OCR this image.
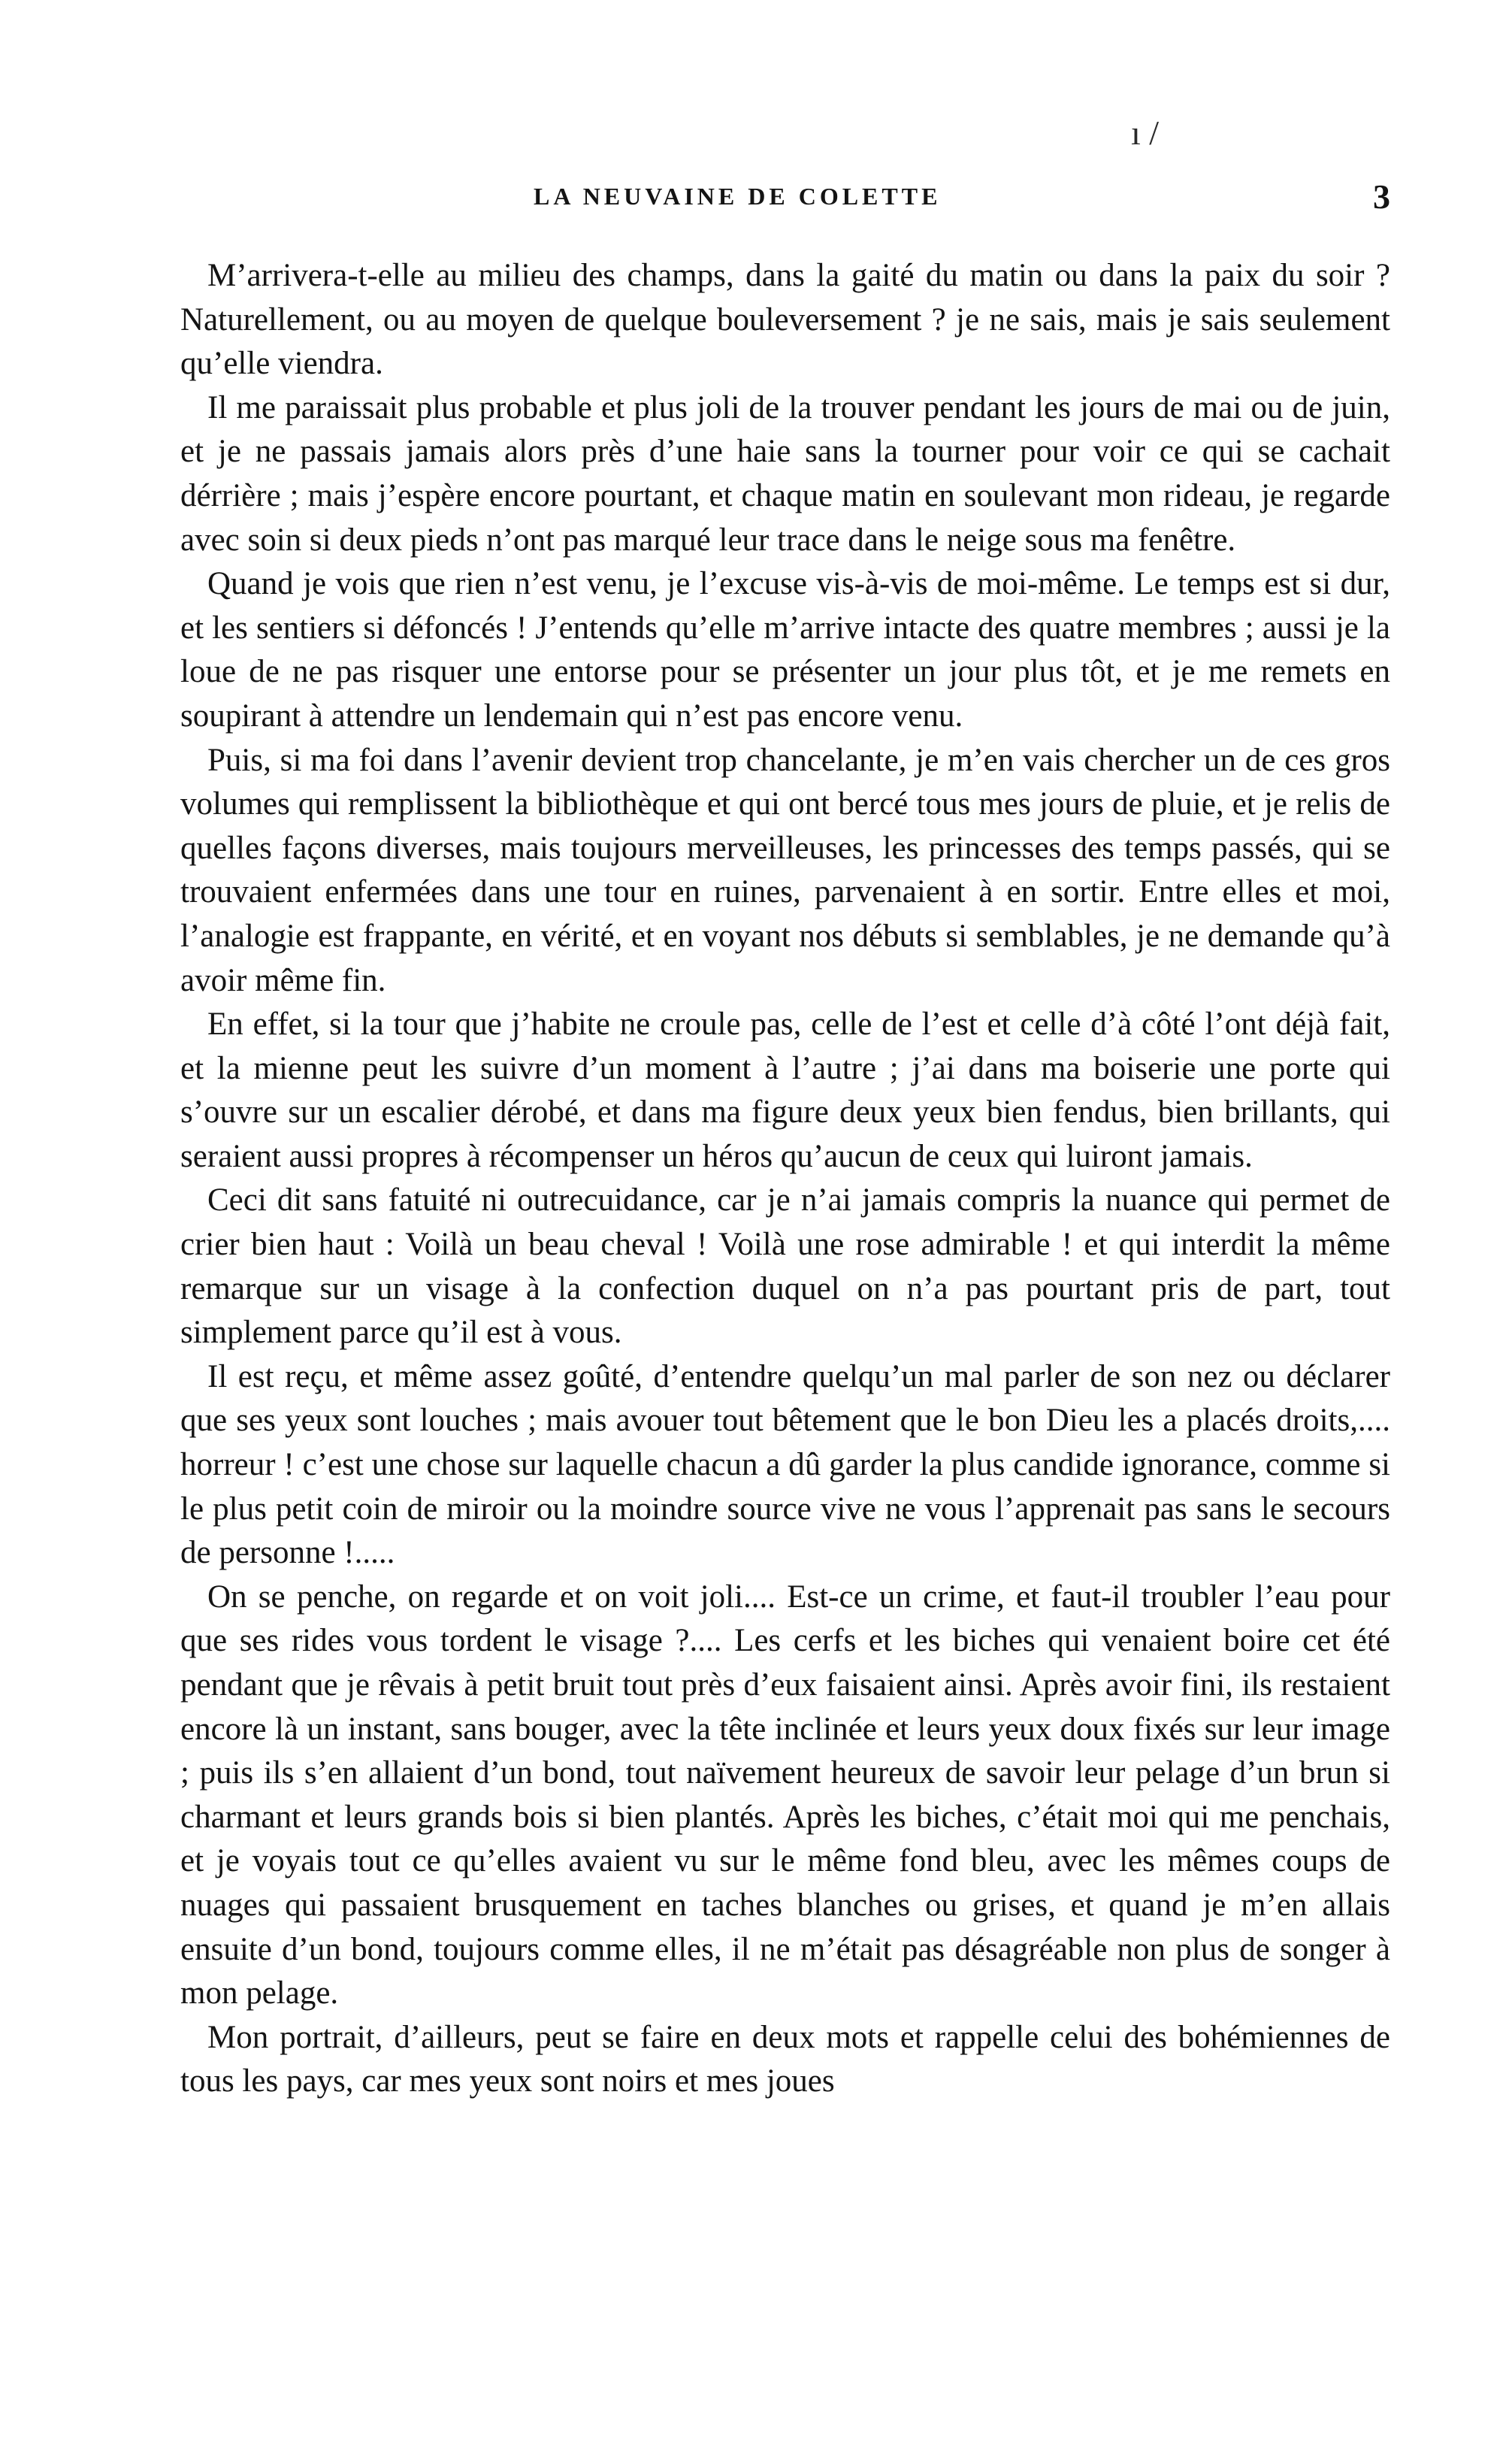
ı /
LA NEUVAINE DE COLETTE	3

M’arrivera-t-elle au milieu des champs, dans la gaité du matin ou dans la paix du soir ? Naturellement, ou au moyen de quelque bouleversement ? je ne sais, mais je sais seulement qu’elle viendra.

Il me paraissait plus probable et plus joli de la trouver pendant les jours de mai ou de juin, et je ne passais jamais alors près d’une haie sans la tourner pour voir ce qui se cachait dérrière ; mais j’espère encore pourtant, et chaque matin en soulevant mon rideau, je regarde avec soin si deux pieds n’ont pas marqué leur trace dans le neige sous ma fenêtre.

Quand je vois que rien n’est venu, je l’excuse vis-à-vis de moi-même. Le temps est si dur, et les sentiers si défoncés ! J’entends qu’elle m’arrive intacte des quatre membres ; aussi je la loue de ne pas risquer une entorse pour se présenter un jour plus tôt, et je me remets en soupirant à attendre un lendemain qui n’est pas encore venu.

Puis, si ma foi dans l’avenir devient trop chancelante, je m’en vais chercher un de ces gros volumes qui remplissent la bibliothèque et qui ont bercé tous mes jours de pluie, et je relis de quelles façons diverses, mais toujours merveilleuses, les princesses des temps passés, qui se trouvaient enfermées dans une tour en ruines, parvenaient à en sortir. Entre elles et moi, l’analogie est frappante, en vérité, et en voyant nos débuts si semblables, je ne demande qu’à avoir même fin.

En effet, si la tour que j’habite ne croule pas, celle de l’est et celle d’à côté l’ont déjà fait, et la mienne peut les suivre d’un moment à l’autre ; j’ai dans ma boiserie une porte qui s’ouvre sur un escalier dérobé, et dans ma figure deux yeux bien fendus, bien brillants, qui seraient aussi propres à récompenser un héros qu’aucun de ceux qui luiront jamais.

Ceci dit sans fatuité ni outrecuidance, car je n’ai jamais compris la nuance qui permet de crier bien haut : Voilà un beau cheval ! Voilà une rose admirable ! et qui interdit la même remarque sur un visage à la confection duquel on n’a pas pourtant pris de part, tout simplement parce qu’il est à vous.

Il est reçu, et même assez goûté, d’entendre quelqu’un mal parler de son nez ou déclarer que ses yeux sont louches ; mais avouer tout bêtement que le bon Dieu les a placés droits,.... horreur ! c’est une chose sur laquelle chacun a dû garder la plus candide ignorance, comme si le plus petit coin de miroir ou la moindre source vive ne vous l’apprenait pas sans le secours de personne !.....

On se penche, on regarde et on voit joli.... Est-ce un crime, et faut-il troubler l’eau pour que ses rides vous tordent le visage ?.... Les cerfs et les biches qui venaient boire cet été pendant que je rêvais à petit bruit tout près d’eux faisaient ainsi. Après avoir fini, ils restaient encore là un instant, sans bouger, avec la tête inclinée et leurs yeux doux fixés sur leur image ; puis ils s’en allaient d’un bond, tout naïvement heureux de savoir leur pelage d’un brun si charmant et leurs grands bois si bien plantés. Après les biches, c’était moi qui me penchais, et je voyais tout ce qu’elles avaient vu sur le même fond bleu, avec les mêmes coups de nuages qui passaient brusquement en taches blanches ou grises, et quand je m’en allais ensuite d’un bond, toujours comme elles, il ne m’était pas désagréable non plus de songer à mon pelage.

Mon portrait, d’ailleurs, peut se faire en deux mots et rappelle celui des bohémiennes de tous les pays, car mes yeux sont noirs et mes joues
